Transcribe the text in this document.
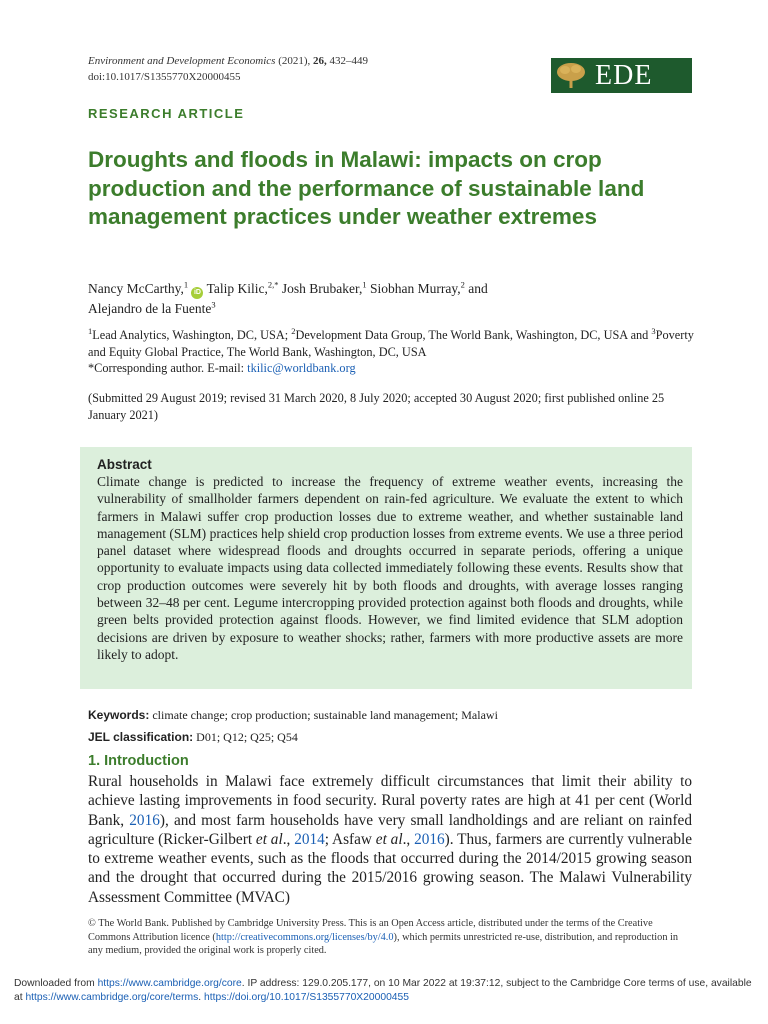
Environment and Development Economics (2021), 26, 432–449
doi:10.1017/S1355770X20000455	EDE
RESEARCH ARTICLE
Droughts and floods in Malawi: impacts on crop production and the performance of sustainable land management practices under weather extremes
Nancy McCarthy,$^1$ iD Talip Kilic,$^{2,*}$ Josh Brubaker,$^1$ Siobhan Murray,$^2$ and
Alejandro de la Fuente$^3$
$^1$Lead Analytics, Washington, DC, USA; $^2$Development Data Group, The World Bank, Washington, DC, USA and $^3$Poverty and Equity Global Practice, The World Bank, Washington, DC, USA
*Corresponding author. E-mail: tkilic@worldbank.org
(Submitted 29 August 2019; revised 31 March 2020, 8 July 2020; accepted 30 August 2020; first published online 25 January 2021)
Abstract

Climate change is predicted to increase the frequency of extreme weather events, increasing the vulnerability of smallholder farmers dependent on rain-fed agriculture. We evaluate the extent to which farmers in Malawi suffer crop production losses due to extreme weather, and whether sustainable land management (SLM) practices help shield crop production losses from extreme events. We use a three period panel dataset where widespread floods and droughts occurred in separate periods, offering a unique opportunity to evaluate impacts using data collected immediately following these events. Results show that crop production outcomes were severely hit by both floods and droughts, with average losses ranging between 32–48 per cent. Legume intercropping provided protection against both floods and droughts, while green belts provided protection against floods. However, we find limited evidence that SLM adoption decisions are driven by exposure to weather shocks; rather, farmers with more productive assets are more likely to adopt.

Keywords: climate change; crop production; sustainable land management; Malawi
JEL classification: D01; Q12; Q25; Q54
1. Introduction

Rural households in Malawi face extremely difficult circumstances that limit their ability to achieve lasting improvements in food security. Rural poverty rates are high at 41 per cent (World Bank, 2016), and most farm households have very small landholdings and are reliant on rainfed agriculture (Ricker-Gilbert et al., 2014; Asfaw et al., 2016). Thus, farmers are currently vulnerable to extreme weather events, such as the floods that occurred during the 2014/2015 growing season and the drought that occurred during the 2015/2016 growing season. The Malawi Vulnerability Assessment Committee (MVAC)

© The World Bank. Published by Cambridge University Press. This is an Open Access article, distributed under the terms of the Creative Commons Attribution licence (http://creativecommons.org/licenses/by/4.0), which permits unrestricted re-use, distribution, and reproduction in any medium, provided the original work is properly cited.
Downloaded from https://www.cambridge.org/core. IP address: 129.0.205.177, on 10 Mar 2022 at 19:37:12, subject to the Cambridge Core terms of use, available at https://www.cambridge.org/core/terms. https://doi.org/10.1017/S1355770X20000455
